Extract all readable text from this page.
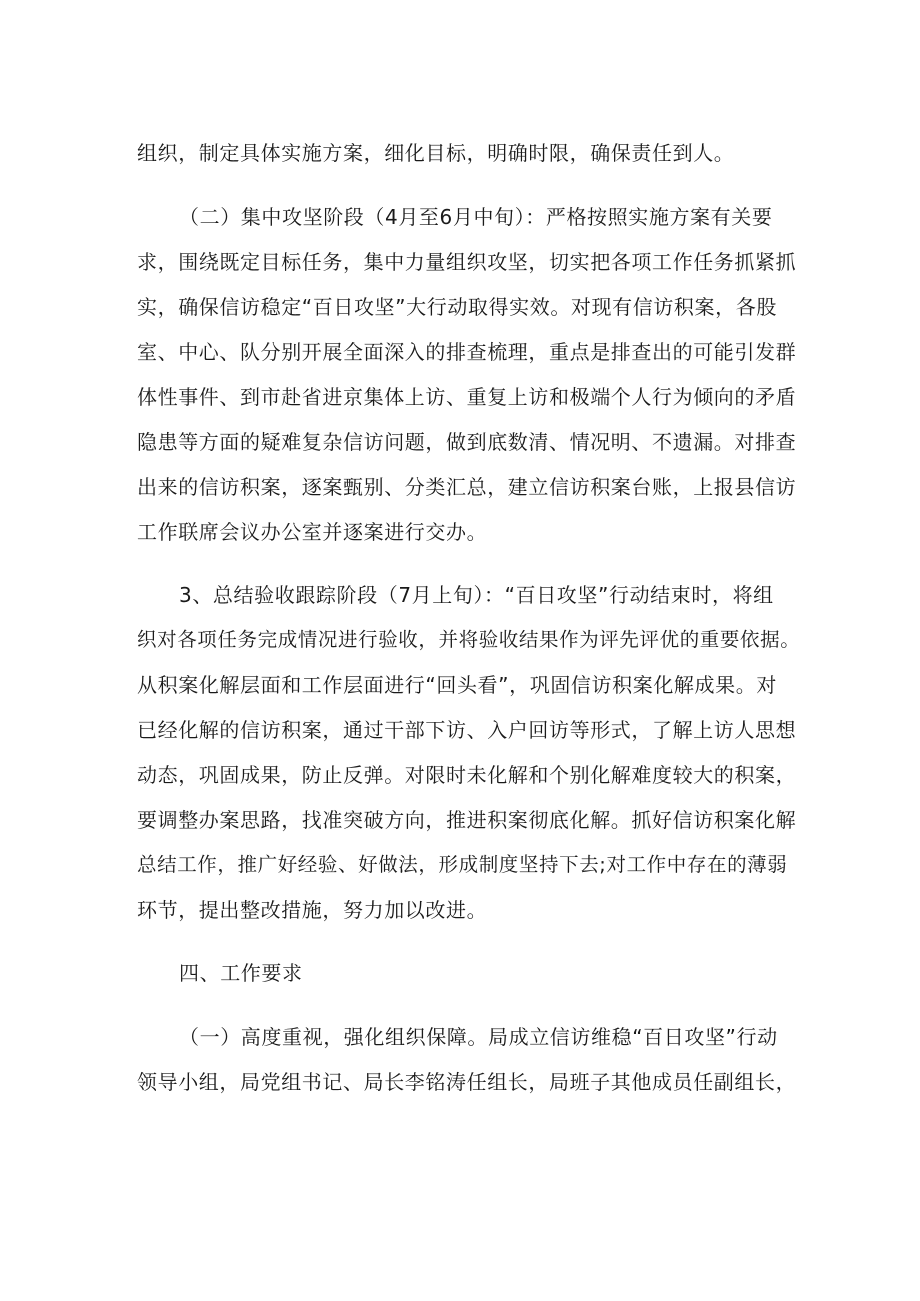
组织，制定具体实施方案，细化目标，明确时限，确保责任到人。

（二）集中攻坚阶段（4月至6月中旬）：严格按照实施方案有关要

求，围绕既定目标任务，集中力量组织攻坚，切实把各项工作任务抓紧抓

实，确保信访稳定“百日攻坚”大行动取得实效。对现有信访积案，各股

室、中心、队分别开展全面深入的排查梳理，重点是排查出的可能引发群

体性事件、到市赴省进京集体上访、重复上访和极端个人行为倾向的矛盾

隐患等方面的疑难复杂信访问题，做到底数清、情况明、不遗漏。对排查

出来的信访积案，逐案甄别、分类汇总，建立信访积案台账，上报县信访

工作联席会议办公室并逐案进行交办。

3、总结验收跟踪阶段（7月上旬）：“百日攻坚”行动结束时，将组

织对各项任务完成情况进行验收，并将验收结果作为评先评优的重要依据。

从积案化解层面和工作层面进行“回头看”，巩固信访积案化解成果。对

已经化解的信访积案，通过干部下访、入户回访等形式，了解上访人思想

动态，巩固成果，防止反弹。对限时未化解和个别化解难度较大的积案，

要调整办案思路，找准突破方向，推进积案彻底化解。抓好信访积案化解

总结工作，推广好经验、好做法，形成制度坚持下去;对工作中存在的薄弱

环节，提出整改措施，努力加以改进。

四、工作要求

（一）高度重视，强化组织保障。局成立信访维稳“百日攻坚”行动

领导小组，局党组书记、局长李铭涛任组长，局班子其他成员任副组长，
